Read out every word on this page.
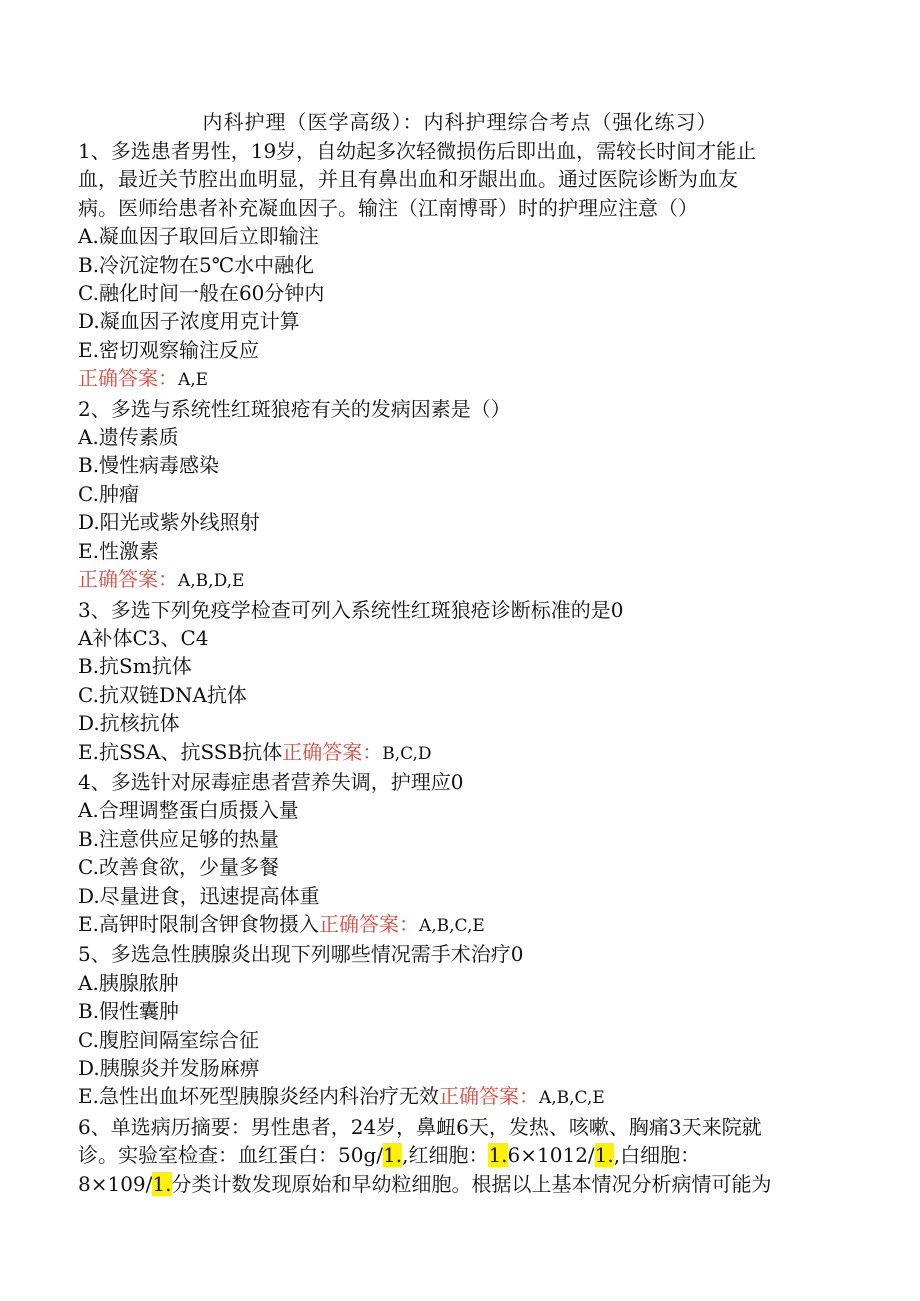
内科护理（医学高级）：内科护理综合考点（强化练习）
1、多选患者男性，19岁，自幼起多次轻微损伤后即出血，需较长时间才能止
血，最近关节腔出血明显，并且有鼻出血和牙龈出血。通过医院诊断为血友
病。医师给患者补充凝血因子。输注（江南博哥）时的护理应注意（）
A.凝血因子取回后立即输注
B.冷沉淀物在5℃水中融化
C.融化时间一般在60分钟内
D.凝血因子浓度用克计算
E.密切观察输注反应
正确答案：A,E
2、多选与系统性红斑狼疮有关的发病因素是（）
A.遗传素质
B.慢性病毒感染
C.肿瘤
D.阳光或紫外线照射
E.性激素
正确答案：A,B,D,E
3、多选下列免疫学检查可列入系统性红斑狼疮诊断标准的是0
A补体C3、C4
B.抗Sm抗体
C.抗双链DNA抗体
D.抗核抗体
E.抗SSA、抗SSB抗体正确答案：B,C,D
4、多选针对尿毒症患者营养失调，护理应0
A.合理调整蛋白质摄入量
B.注意供应足够的热量
C.改善食欲，少量多餐
D.尽量进食，迅速提高体重
E.高钾时限制含钾食物摄入正确答案：A,B,C,E
5、多选急性胰腺炎出现下列哪些情况需手术治疗0
A.胰腺脓肿
B.假性囊肿
C.腹腔间隔室综合征
D.胰腺炎并发肠麻痹
E.急性出血坏死型胰腺炎经内科治疗无效正确答案：A,B,C,E
6、单选病历摘要：男性患者，24岁，鼻衄6天，发热、咳嗽、胸痛3天来院就
诊。实验室检查：血红蛋白：50g/1.,红细胞：1.6×1012/1.,白细胞：
8×109/1.分类计数发现原始和早幼粒细胞。根据以上基本情况分析病情可能为
